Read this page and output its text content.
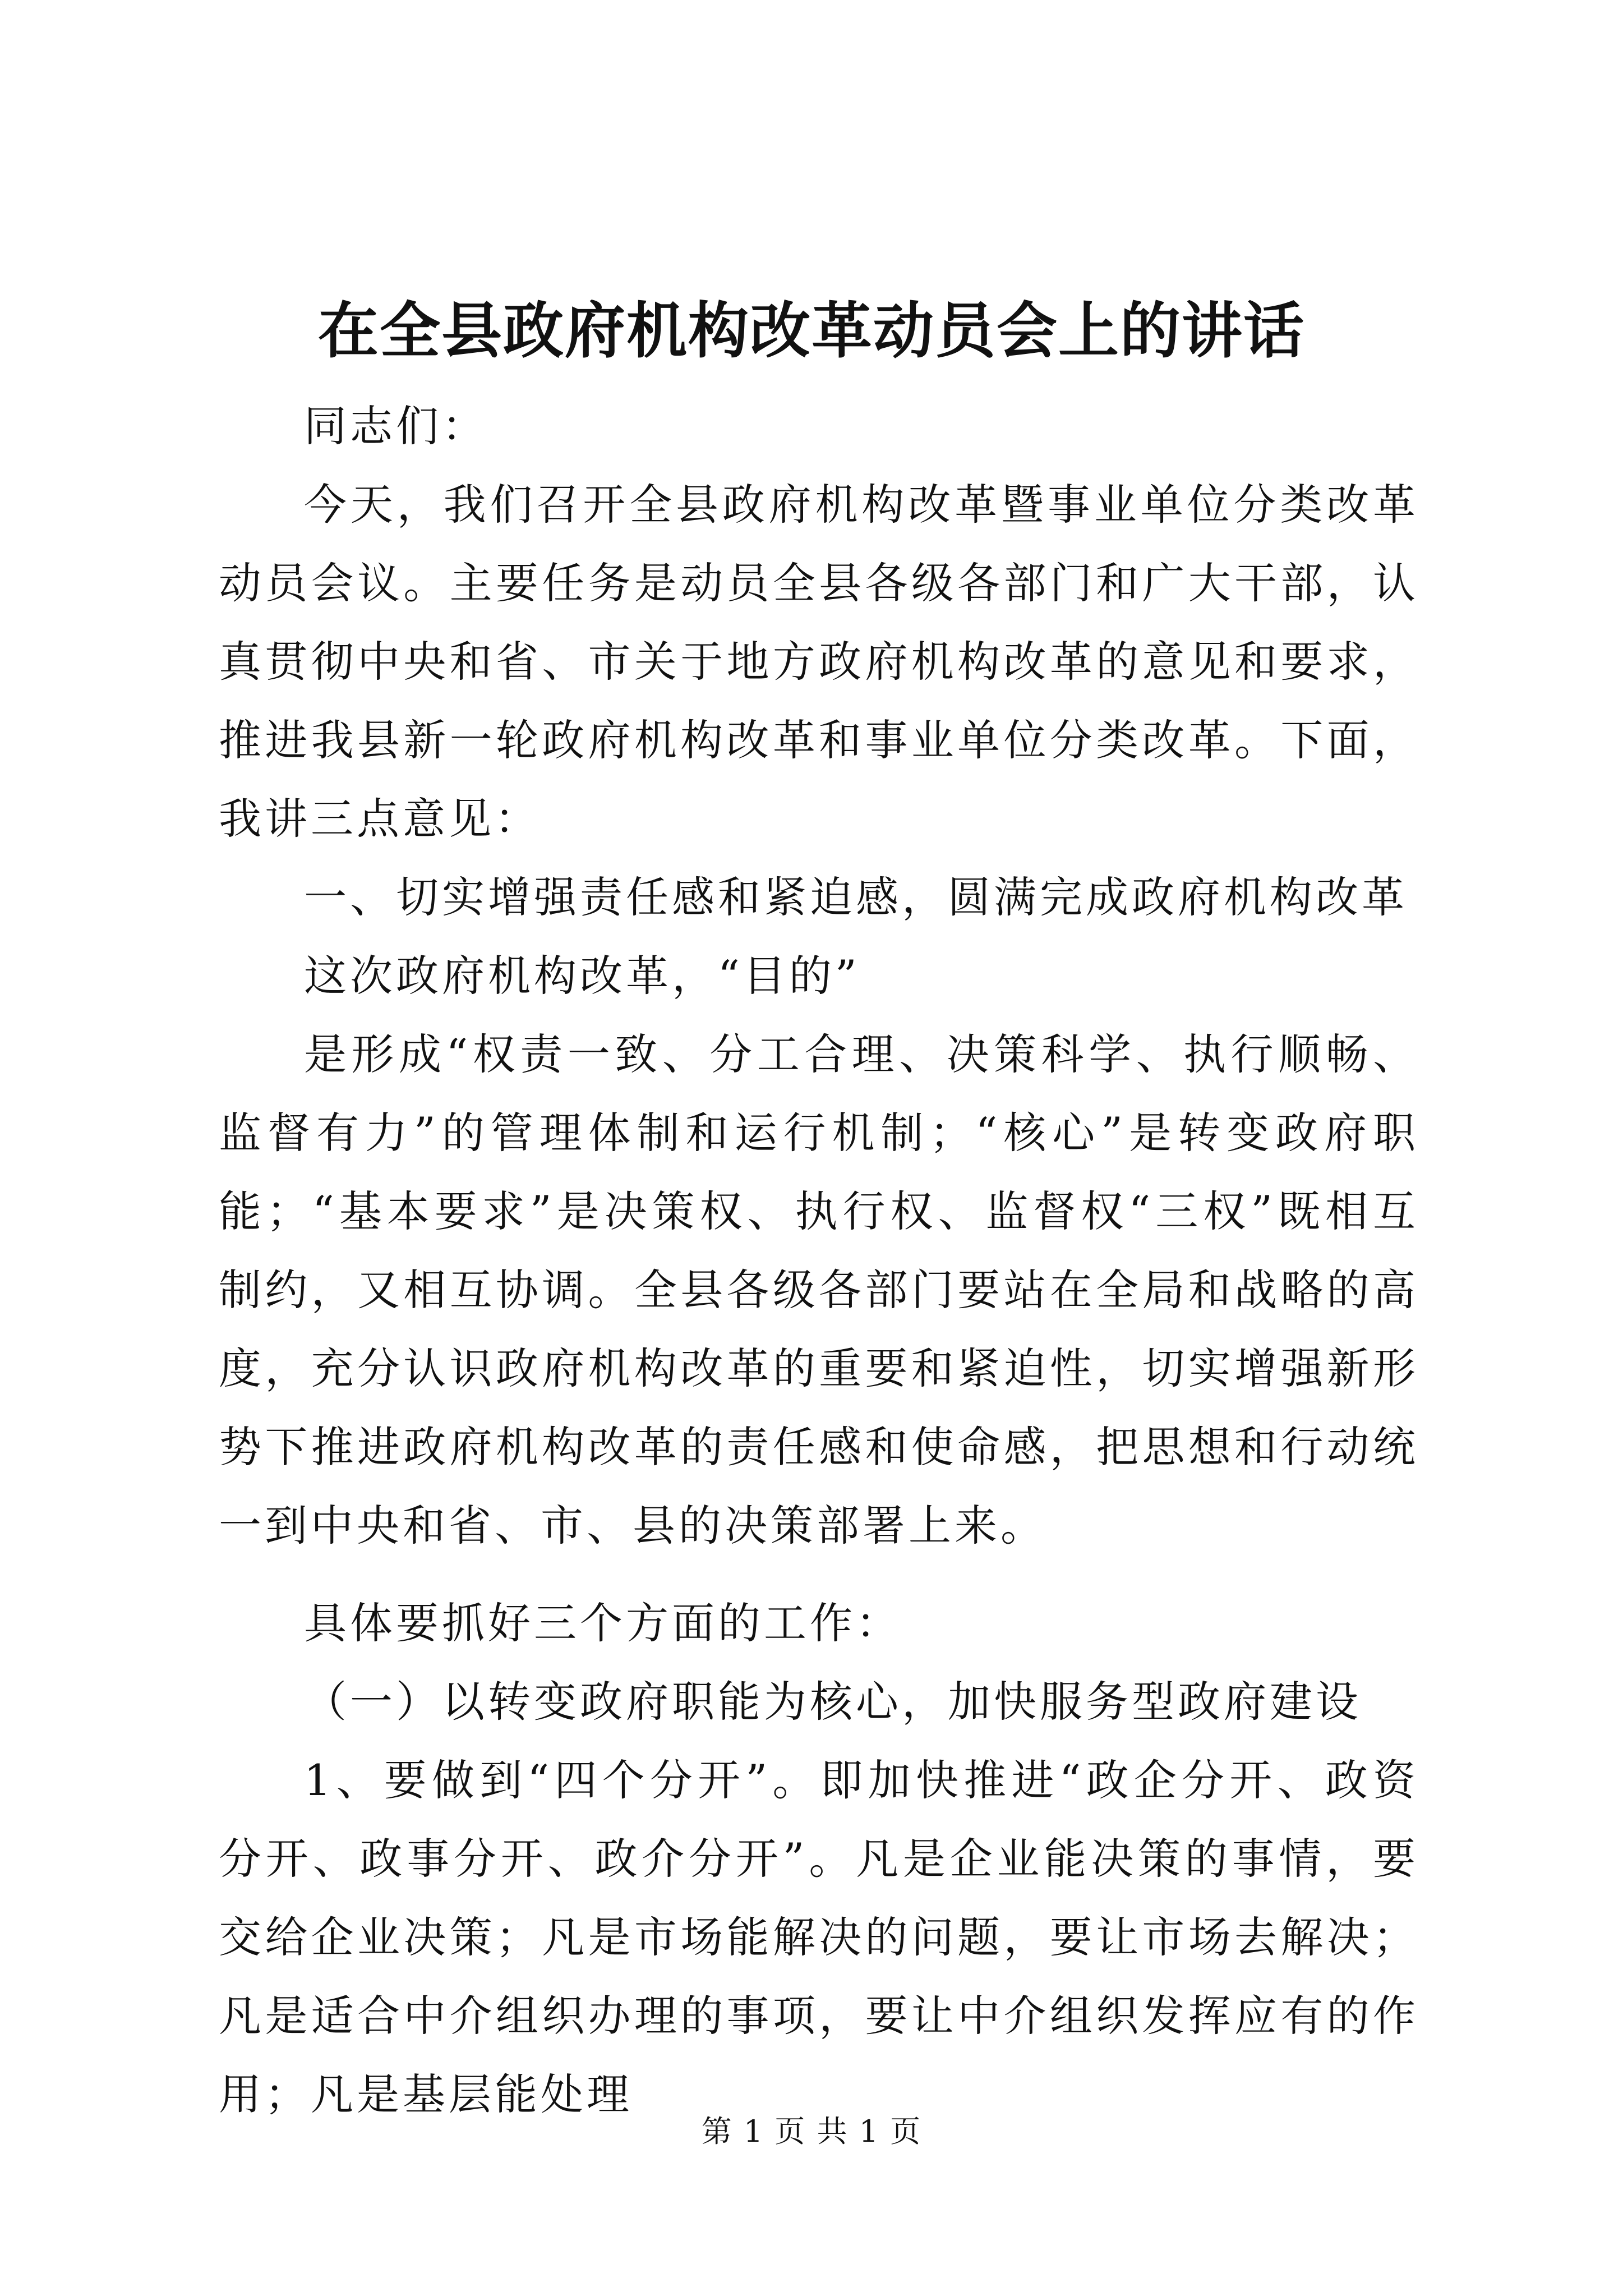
在全县政府机构改革动员会上的讲话

同志们：

今天，我们召开全县政府机构改革暨事业单位分类改革动员会议。主要任务是动员全县各级各部门和广大干部，认真贯彻中央和省、市关于地方政府机构改革的意见和要求，推进我县新一轮政府机构改革和事业单位分类改革。下面，我讲三点意见：

一、切实增强责任感和紧迫感，圆满完成政府机构改革

这次政府机构改革，“目的”

是形成“权责一致、分工合理、决策科学、执行顺畅、监督有力”的管理体制和运行机制；“核心”是转变政府职能；“基本要求”是决策权、执行权、监督权“三权”既相互制约，又相互协调。全县各级各部门要站在全局和战略的高度，充分认识政府机构改革的重要和紧迫性，切实增强新形势下推进政府机构改革的责任感和使命感，把思想和行动统一到中央和省、市、县的决策部署上来。

具体要抓好三个方面的工作：

（一）以转变政府职能为核心，加快服务型政府建设

1、要做到“四个分开”。即加快推进“政企分开、政资分开、政事分开、政介分开”。凡是企业能决策的事情，要交给企业决策；凡是市场能解决的问题，要让市场去解决；凡是适合中介组织办理的事项，要让中介组织发挥应有的作用；凡是基层能处理

第 1 页 共 1 页
